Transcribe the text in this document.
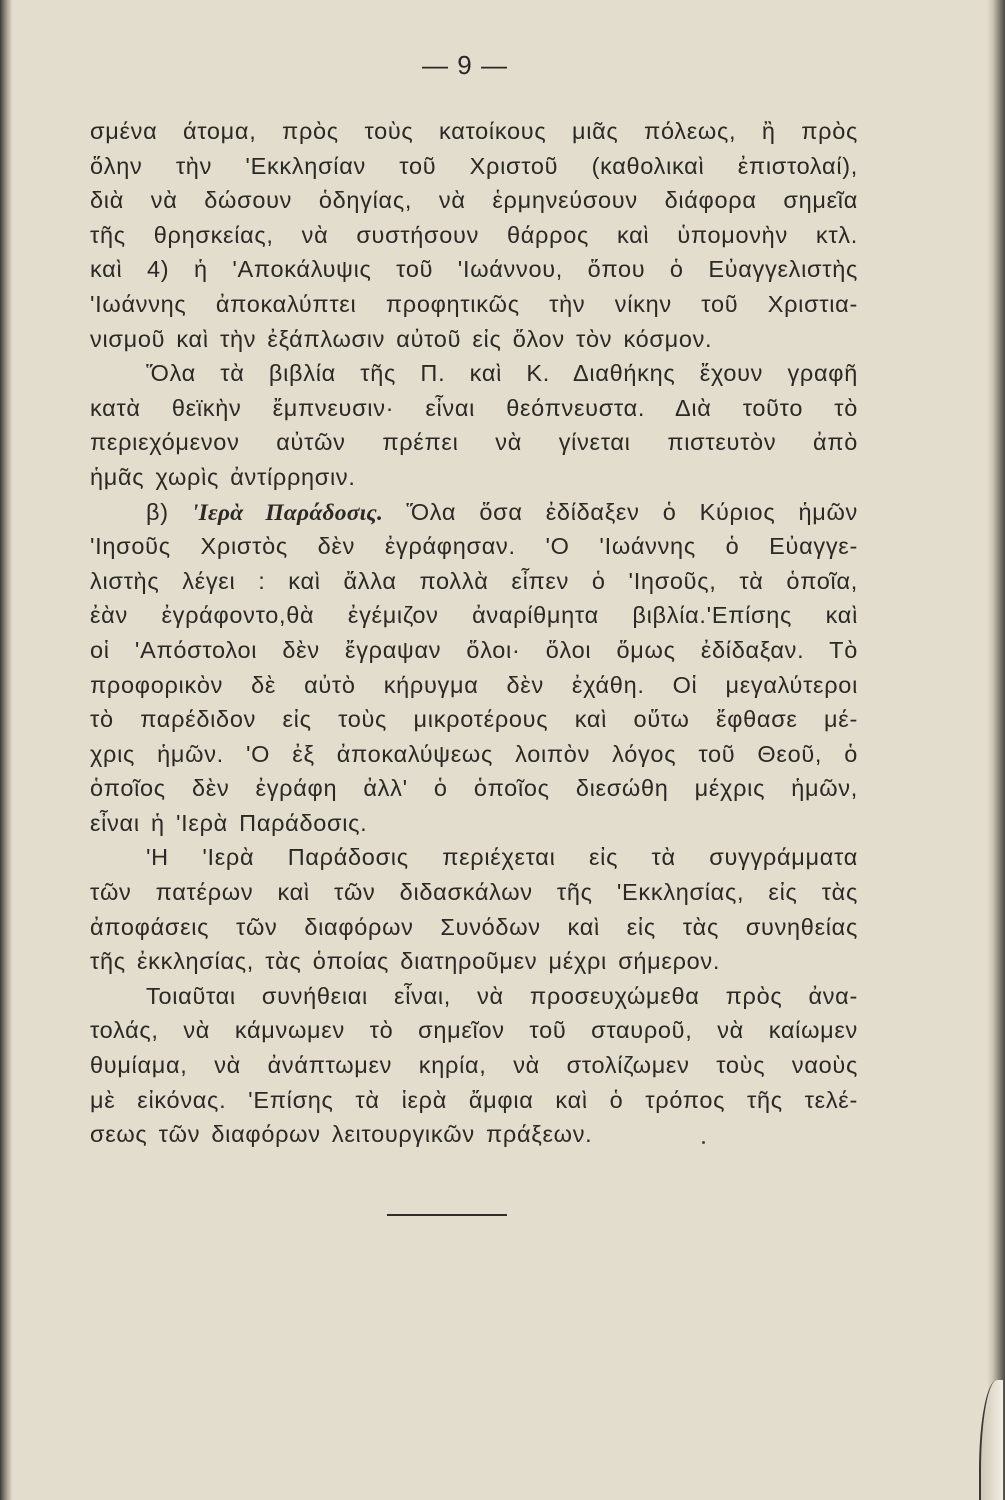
— 9 —
σμένα άτομα, πρὸς τοὺς κατοίκους μιᾶς πόλεως, ἢ πρὸς
ὅλην τὴν 'Εκκλησίαν τοῦ Χριστοῦ (καθολικαὶ ἐπιστολαί),
διὰ νὰ δώσουν ὁδηγίας, νὰ ἑρμηνεύσουν διάφορα σημεῖα
τῆς θρησκείας, νὰ συστήσουν θάρρος καὶ ὑπομονὴν κτλ.
καὶ 4) ἡ 'Αποκάλυψις τοῦ 'Ιωάννου, ὅπου ὁ Εὐαγγελιστὴς
'Ιωάννης ἀποκαλύπτει προφητικῶς τὴν νίκην τοῦ Χριστια-
νισμοῦ καὶ τὴν ἐξάπλωσιν αὐτοῦ εἰς ὅλον τὸν κόσμον.
Ὅλα τὰ βιβλία τῆς Π. καὶ Κ. Διαθήκης ἔχουν γραφῆ
κατὰ θεϊκὴν ἔμπνευσιν· εἶναι θεόπνευστα. Διὰ τοῦτο τὸ
περιεχόμενον αὐτῶν πρέπει νὰ γίνεται πιστευτὸν ἀπὸ
ἡμᾶς χωρὶς ἀντίρρησιν.
β) 'Ιερὰ Παράδοσις. Ὅλα ὅσα ἐδίδαξεν ὁ Κύριος ἡμῶν
'Ιησοῦς Χριστὸς δὲν ἐγράφησαν. 'Ο 'Ιωάννης ὁ Εὐαγγε-
λιστὴς λέγει : καὶ ἄλλα πολλὰ εἶπεν ὁ 'Ιησοῦς, τὰ ὁποῖα,
ἐὰν ἐγράφοντο,θὰ ἐγέμιζον ἀναρίθμητα βιβλία.'Επίσης καὶ
οἱ 'Απόστολοι δὲν ἔγραψαν ὅλοι· ὅλοι ὅμως ἐδίδαξαν. Τὸ
προφορικὸν δὲ αὐτὸ κήρυγμα δὲν ἐχάθη. Οἱ μεγαλύτεροι
τὸ παρέδιδον εἰς τοὺς μικροτέρους καὶ οὕτω ἔφθασε μέ-
χρις ἡμῶν. 'Ο ἐξ ἀποκαλύψεως λοιπὸν λόγος τοῦ Θεοῦ, ὁ
ὁποῖος δὲν ἐγράφη ἀλλ' ὁ ὁποῖος διεσώθη μέχρις ἡμῶν,
εἶναι ἡ 'Ιερὰ Παράδοσις.
'Η 'Ιερὰ Παράδοσις περιέχεται εἰς τὰ συγγράμματα
τῶν πατέρων καὶ τῶν διδασκάλων τῆς 'Εκκλησίας, εἰς τὰς
ἀποφάσεις τῶν διαφόρων Συνόδων καὶ εἰς τὰς συνηθείας
τῆς ἐκκλησίας, τὰς ὁποίας διατηροῦμεν μέχρι σήμερον.
Τοιαῦται συνήθειαι εἶναι, νὰ προσευχώμεθα πρὸς ἀνα-
τολάς, νὰ κάμνωμεν τὸ σημεῖον τοῦ σταυροῦ, νὰ καίωμεν
θυμίαμα, νὰ ἀνάπτωμεν κηρία, νὰ στολίζωμεν τοὺς ναοὺς
μὲ εἰκόνας. 'Επίσης τὰ ἱερὰ ἄμφια καὶ ὁ τρόπος τῆς τελέ-
σεως τῶν διαφόρων λειτουργικῶν πράξεων.
